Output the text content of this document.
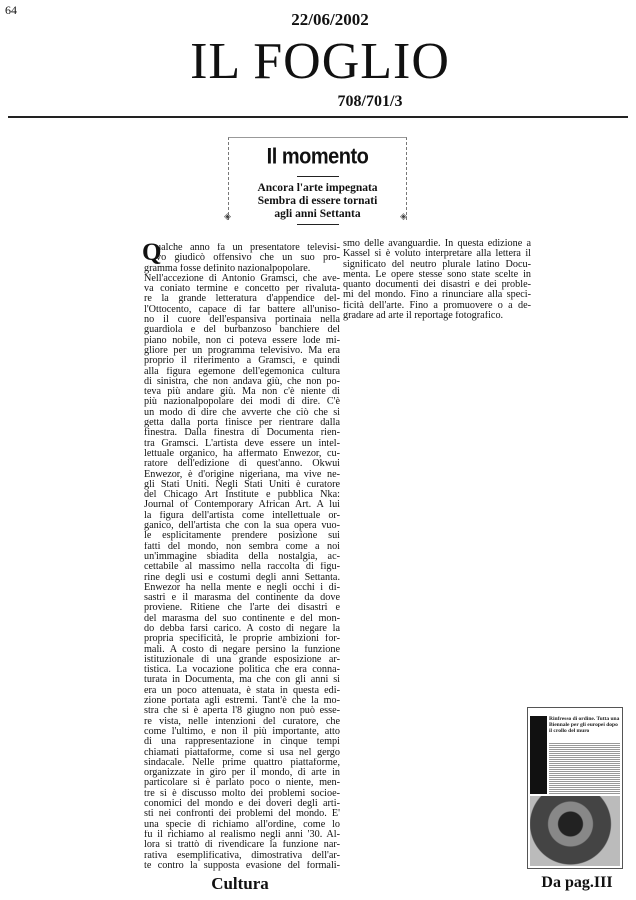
64	22/06/2002
IL FOGLIO
708/701/3
Il momento
Ancora l'arte impegnata
Sembra di essere tornati
agli anni Settanta
◈	◈
Q
ualche anno fa un presentatore televisi-
vo giudicò offensivo che un suo pro-
gramma fosse definito nazionalpopolare.
Nell'accezione di Antonio Gramsci, che ave-
va coniato termine e concetto per rivaluta-
re la grande letteratura d'appendice del-
l'Ottocento, capace di far battere all'uniso-
no il cuore dell'espansiva portinaia nella
guardiola e del burbanzoso banchiere del
piano nobile, non ci poteva essere lode mi-
gliore per un programma televisivo. Ma era
proprio il riferimento a Gramsci, e quindi
alla figura egemone dell'egemonica cultura
di sinistra, che non andava giù, che non po-
teva più andare giù. Ma non c'è niente di
più nazionalpopolare dei modi di dire. C'è
un modo di dire che avverte che ciò che si
getta dalla porta finisce per rientrare dalla
finestra. Dalla finestra di Documenta rien-
tra Gramsci. L'artista deve essere un intel-
lettuale organico, ha affermato Enwezor, cu-
ratore dell'edizione di quest'anno. Okwui
Enwezor, è d'origine nigeriana, ma vive ne-
gli Stati Uniti. Negli Stati Uniti è curatore
del Chicago Art Institute e pubblica Nka:
Journal of Contemporary African Art. A lui
la figura dell'artista come intellettuale or-
ganico, dell'artista che con la sua opera vuo-
le esplicitamente prendere posizione sui
fatti del mondo, non sembra come a noi
un'immagine sbiadita della nostalgia, ac-
cettabile al massimo nella raccolta di figu-
rine degli usi e costumi degli anni Settanta.
Enwezor ha nella mente e negli occhi i di-
sastri e il marasma del continente da dove
proviene. Ritiene che l'arte dei disastri e
del marasma del suo continente e del mon-
do debba farsi carico. A costo di negare la
propria specificità, le proprie ambizioni for-
mali. A costo di negare persino la funzione
istituzionale di una grande esposizione ar-
tistica. La vocazione politica che era conna-
turata in Documenta, ma che con gli anni si
era un poco attenuata, è stata in questa edi-
zione portata agli estremi. Tant'è che la mo-
stra che si è aperta l'8 giugno non può esse-
re vista, nelle intenzioni del curatore, che
come l'ultimo, e non il più importante, atto
di una rappresentazione in cinque tempi
chiamati piattaforme, come si usa nel gergo
sindacale. Nelle prime quattro piattaforme,
organizzate in giro per il mondo, di arte in
particolare si è parlato poco o niente, men-
tre si è discusso molto dei problemi socioe-
conomici del mondo e dei doveri degli arti-
sti nei confronti dei problemi del mondo. E'
una specie di richiamo all'ordine, come lo
fu il richiamo al realismo negli anni '30. Al-
lora si trattò di rivendicare la funzione nar-
rativa esemplificativa, dimostrativa dell'ar-
te contro la supposta evasione del formali-
smo delle avanguardie. In questa edizione a
Kassel si è voluto interpretare alla lettera il
significato del neutro plurale latino Docu-
menta. Le opere stesse sono state scelte in
quanto documenti dei disastri e dei proble-
mi del mondo. Fino a rinunciare alla speci-
ficità dell'arte. Fino a promuovere o a de-
gradare ad arte il reportage fotografico.
Cultura
Rinfresso di ordine. Tutta una Biennale per gli europei dopo il crollo del muro
Da pag.III
